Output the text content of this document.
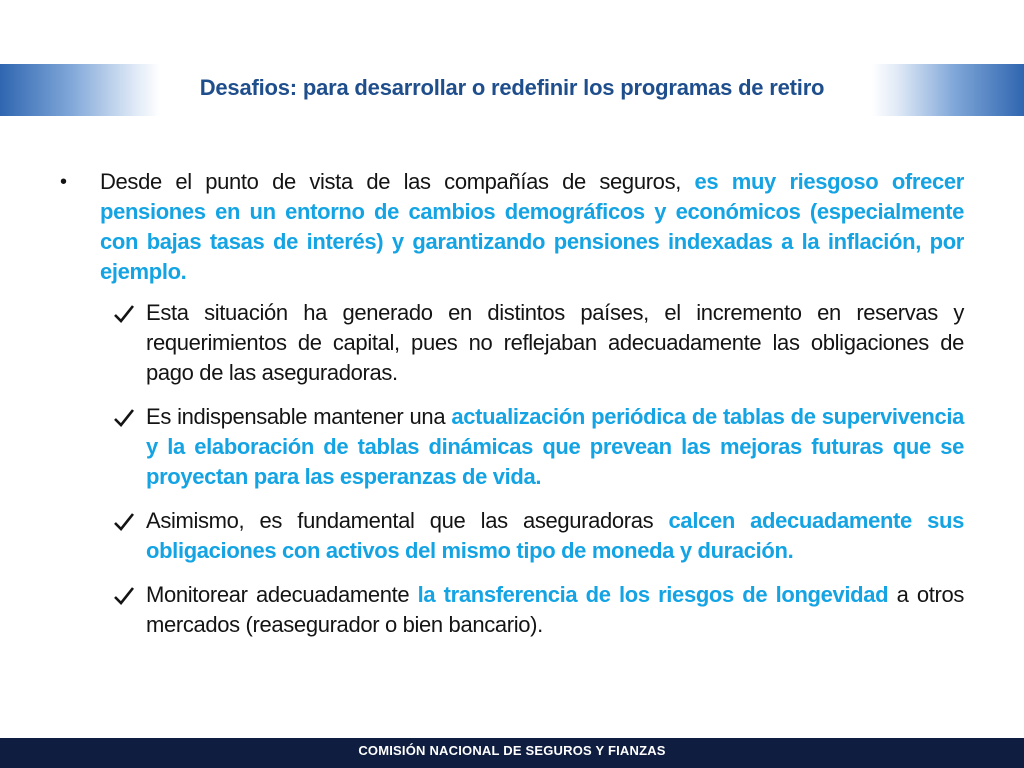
Desafios: para desarrollar o redefinir los programas de retiro

• Desde el punto de vista de las compañías de seguros, es muy riesgoso ofrecer pensiones en un entorno de cambios demográficos y económicos (especialmente con bajas tasas de interés) y garantizando pensiones indexadas a la inflación, por ejemplo.

Esta situación ha generado en distintos países, el incremento en reservas y requerimientos de capital, pues no reflejaban adecuadamente las obligaciones de pago de las aseguradoras.

Es indispensable mantener una actualización periódica de tablas de supervivencia y la elaboración de tablas dinámicas que prevean las mejoras futuras que se proyectan para las esperanzas de vida.

Asimismo, es fundamental que las aseguradoras calcen adecuadamente sus obligaciones con activos del mismo tipo de moneda y duración.

Monitorear adecuadamente la transferencia de los riesgos de longevidad a otros mercados (reasegurador o bien bancario).

COMISIÓN NACIONAL DE SEGUROS Y FIANZAS
